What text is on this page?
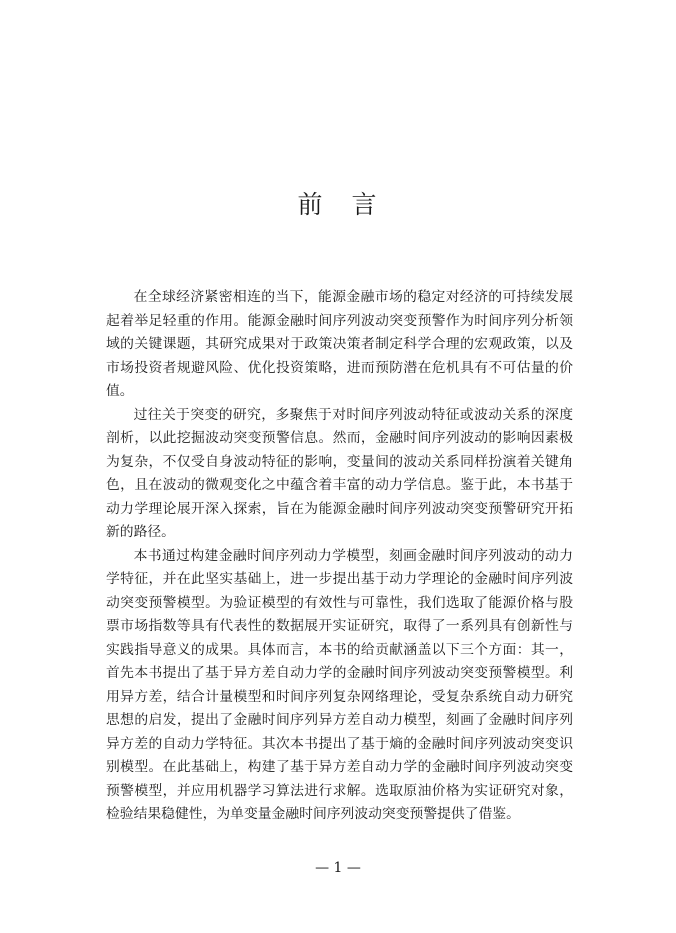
前　言

在全球经济紧密相连的当下，能源金融市场的稳定对经济的可持续发展起着举足轻重的作用。能源金融时间序列波动突变预警作为时间序列分析领域的关键课题，其研究成果对于政策决策者制定科学合理的宏观政策，以及市场投资者规避风险、优化投资策略，进而预防潜在危机具有不可估量的价值。

过往关于突变的研究，多聚焦于对时间序列波动特征或波动关系的深度剖析，以此挖掘波动突变预警信息。然而，金融时间序列波动的影响因素极为复杂，不仅受自身波动特征的影响，变量间的波动关系同样扮演着关键角色，且在波动的微观变化之中蕴含着丰富的动力学信息。鉴于此，本书基于动力学理论展开深入探索，旨在为能源金融时间序列波动突变预警研究开拓新的路径。

本书通过构建金融时间序列动力学模型，刻画金融时间序列波动的动力学特征，并在此坚实基础上，进一步提出基于动力学理论的金融时间序列波动突变预警模型。为验证模型的有效性与可靠性，我们选取了能源价格与股票市场指数等具有代表性的数据展开实证研究，取得了一系列具有创新性与实践指导意义的成果。具体而言，本书的给贡献涵盖以下三个方面：其一，首先本书提出了基于异方差自动力学的金融时间序列波动突变预警模型。利用异方差，结合计量模型和时间序列复杂网络理论，受复杂系统自动力研究思想的启发，提出了金融时间序列异方差自动力模型，刻画了金融时间序列异方差的自动力学特征。其次本书提出了基于熵的金融时间序列波动突变识别模型。在此基础上，构建了基于异方差自动力学的金融时间序列波动突变预警模型，并应用机器学习算法进行求解。选取原油价格为实证研究对象，检验结果稳健性，为单变量金融时间序列波动突变预警提供了借鉴。

— 1 —
